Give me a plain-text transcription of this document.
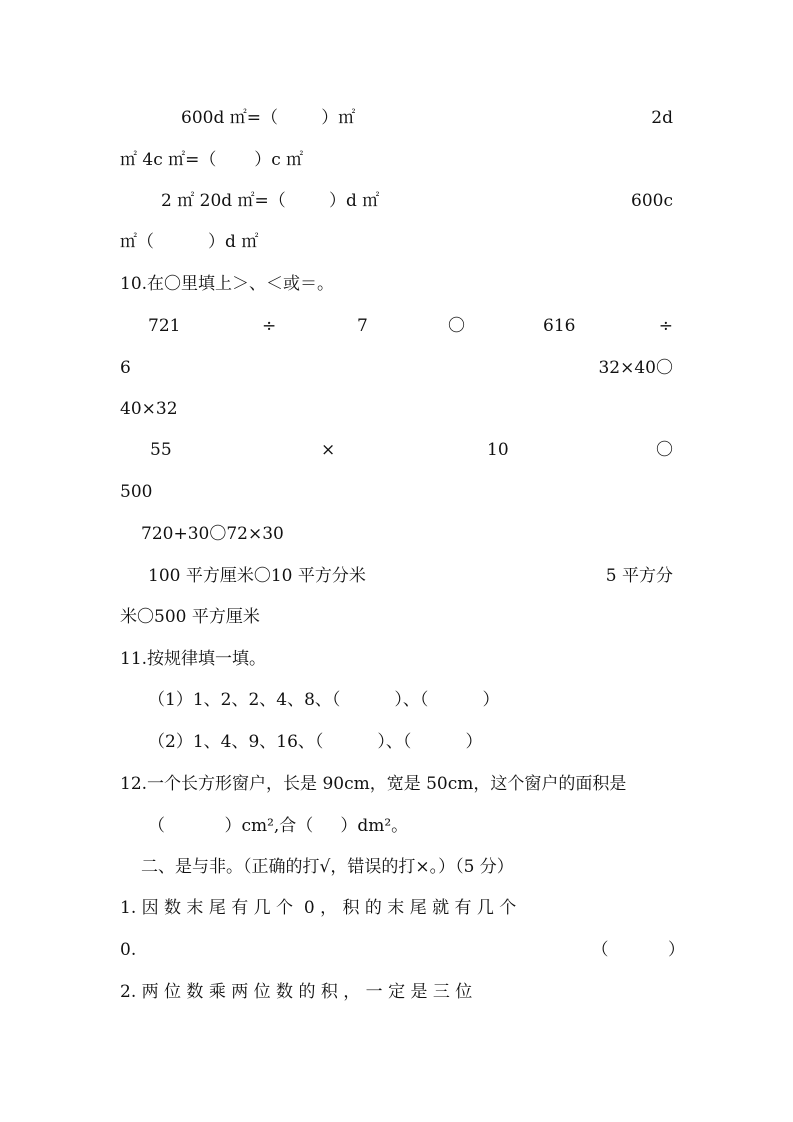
600d ㎡=（        ）㎡	2d
㎡ 4c ㎡=（       ）c ㎡
2 ㎡ 20d ㎡=（        ）d ㎡	600c
㎡（          ）d ㎡
10.在〇里填上＞、＜或＝。
721	÷	7	〇	616	÷
6	32×40〇
40×32
55	×	10	〇
500
720+30〇72×30
100 平方厘米〇10 平方分米	5 平方分
米〇500 平方厘米
11.按规律填一填。
（1）1、2、2、4、8、（          ）、（          ）
（2）1、4、9、16、（          ）、（          ）
12.一个长方形窗户，长是 90cm，宽是 50cm，这个窗户的面积是
（           ）cm²,合（     ）dm²。
二、是与非。（正确的打√，错误的打×。）（5 分）
1. 因 数 末 尾 有 几 个  0 ， 积 的 末 尾 就 有 几 个
0.	（           ）
2. 两 位 数 乘 两 位 数 的 积 ， 一 定 是 三 位
